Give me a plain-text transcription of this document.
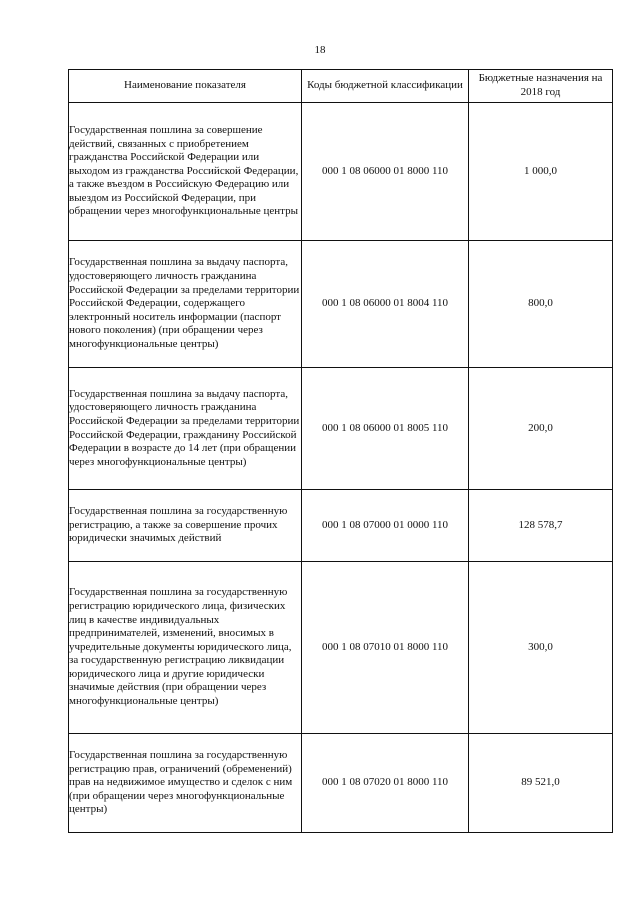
18
Наименование показателя	Коды бюджетной классификации	Бюджетные назначения на 2018 год
Государственная пошлина за совершение действий, связанных с приобретением гражданства Российской Федерации или выходом из гражданства Российской Федерации, а также въездом в Российскую Федерацию или выездом из Российской Федерации, при обращении через многофункциональные центры	000 1 08 06000 01 8000 110	1 000,0
Государственная пошлина за выдачу паспорта, удостоверяющего личность гражданина Российской Федерации за пределами территории Российской Федерации, содержащего электронный носитель информации (паспорт нового поколения) (при обращении через многофункциональные центры)	000 1 08 06000 01 8004 110	800,0
Государственная пошлина за выдачу паспорта, удостоверяющего личность гражданина Российской Федерации за пределами территории Российской Федерации, гражданину Российской Федерации в возрасте до 14 лет (при обращении через многофункциональные центры)	000 1 08 06000 01 8005 110	200,0
Государственная пошлина за государственную регистрацию, а также за совершение прочих юридически значимых действий	000 1 08 07000 01 0000 110	128 578,7
Государственная пошлина за государственную регистрацию юридического лица, физических лиц в качестве индивидуальных предпринимателей, изменений, вносимых в учредительные документы юридического лица, за государственную регистрацию ликвидации юридического лица и другие юридически значимые действия (при обращении через многофункциональные центры)	000 1 08 07010 01 8000 110	300,0
Государственная пошлина за государственную регистрацию прав, ограничений (обременений) прав на недвижимое имущество и сделок с ним (при обращении через многофункциональные центры)	000 1 08 07020 01 8000 110	89 521,0
